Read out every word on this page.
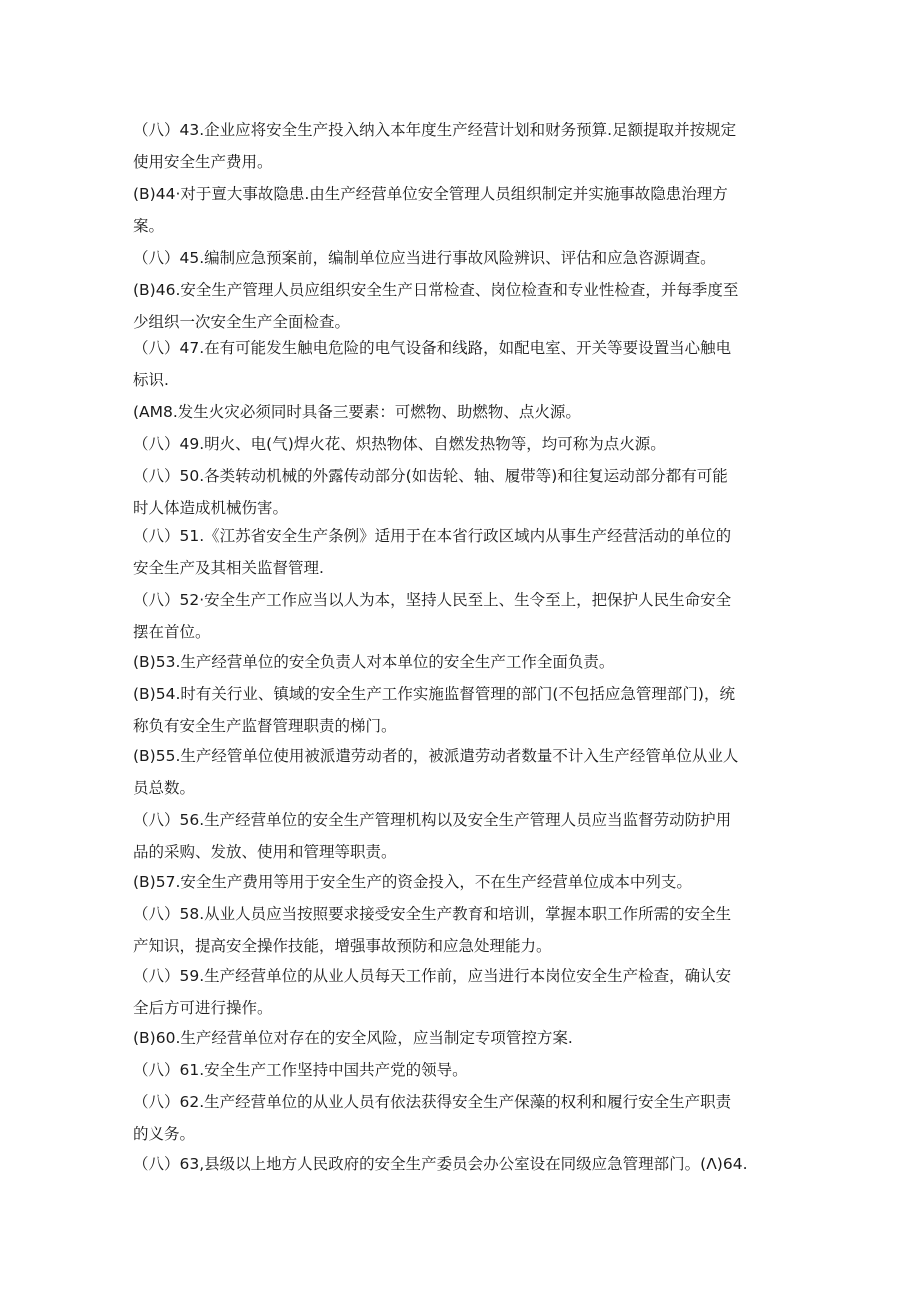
（八）43.企业应将安全生产投入纳入本年度生产经营计划和财务预算.足额提取并按规定
使用安全生产费用。

(B)44·对于亶大事故隐患.由生产经营单位安全管理人员组织制定并实施事故隐患治理方
案。

（八）45.编制应急预案前，编制单位应当进行事故风险辨识、评估和应急咨源调查。

(B)46.安全生产管理人员应组织安全生产日常检查、岗位检查和专业性检查，并每季度至
少组织一次安全生产全面检查。

（八）47.在有可能发生触电危险的电气设备和线路，如配电室、开关等要设置当心触电
标识.

(AM8.发生火灾必须同时具备三要素：可燃物、助燃物、点火源。

（八）49.明火、电(气)焊火花、炽热物体、自燃发热物等，均可称为点火源。

（八）50.各类转动机械的外露传动部分(如齿轮、轴、履带等)和往复运动部分都有可能
时人体造成机械伤害。

（八）51.《江苏省安全生产条例》适用于在本省行政区域内从事生产经营活动的单位的
安全生产及其相关监督管理.

（八）52·安全生产工作应当以人为本，坚持人民至上、生令至上，把保护人民生命安全
摆在首位。

(B)53.生产经营单位的安全负责人对本单位的安全生产工作全面负责。

(B)54.时有关行业、镇域的安全生产工作实施监督管理的部门(不包括应急管理部门)，统
称负有安全生产监督管理职责的梯门。

(B)55.生产经管单位使用被派遣劳动者的，被派遣劳动者数量不计入生产经管单位从业人
员总数。

（八）56.生产经营单位的安全生产管理机构以及安全生产管理人员应当监督劳动防护用
品的采购、发放、使用和管理等职责。

(B)57.安全生产费用等用于安全生产的资金投入，不在生产经营单位成本中列支。

（八）58.从业人员应当按照要求接受安全生产教育和培训，掌握本职工作所需的安全生
产知识，提高安全操作技能，增强事故预防和应急处理能力。

（八）59.生产经营单位的从业人员每天工作前，应当进行本岗位安全生产检查，确认安
全后方可进行操作。

(B)60.生产经营单位对存在的安全风险，应当制定专项管控方案.

（八）61.安全生产工作坚持中国共产党的领导。

（八）62.生产经营单位的从业人员有依法获得安全生产保藻的权利和履行安全生产职责
的义务。

（八）63,县级以上地方人民政府的安全生产委员会办公室设在同级应急管理部门。(Λ)64.
